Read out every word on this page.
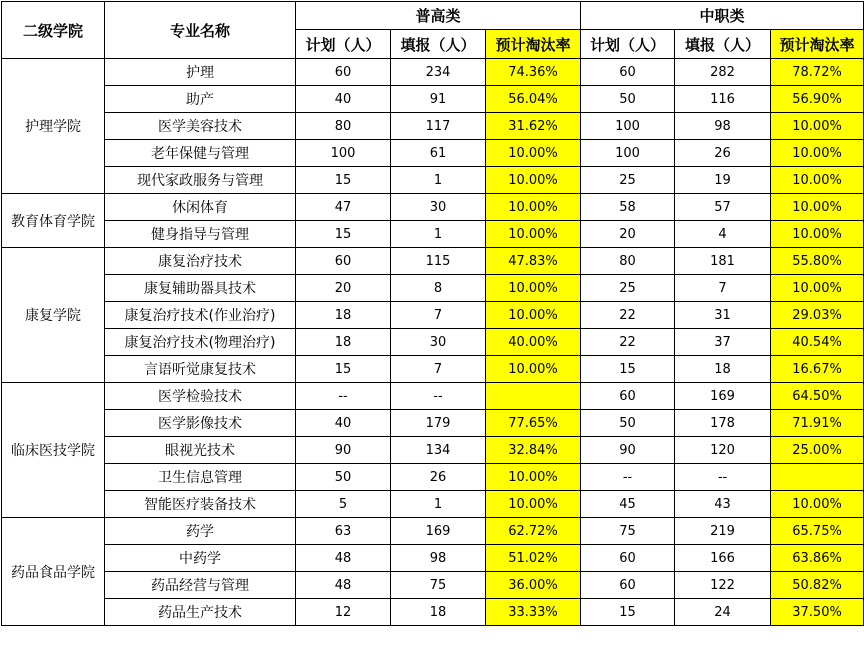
二级学院	专业名称	普高类			中职类		
		计划（人）	填报（人）	预计淘汰率	计划（人）	填报（人）	预计淘汰率
护理学院	护理	60	234	74.36%	60	282	78.72%
	助产	40	91	56.04%	50	116	56.90%
	医学美容技术	80	117	31.62%	100	98	10.00%
	老年保健与管理	100	61	10.00%	100	26	10.00%
	现代家政服务与管理	15	1	10.00%	25	19	10.00%
教育体育学院	休闲体育	47	30	10.00%	58	57	10.00%
	健身指导与管理	15	1	10.00%	20	4	10.00%
康复学院	康复治疗技术	60	115	47.83%	80	181	55.80%
	康复辅助器具技术	20	8	10.00%	25	7	10.00%
	康复治疗技术(作业治疗)	18	7	10.00%	22	31	29.03%
	康复治疗技术(物理治疗)	18	30	40.00%	22	37	40.54%
	言语听觉康复技术	15	7	10.00%	15	18	16.67%
临床医技学院	医学检验技术	--	--		60	169	64.50%
	医学影像技术	40	179	77.65%	50	178	71.91%
	眼视光技术	90	134	32.84%	90	120	25.00%
	卫生信息管理	50	26	10.00%	--	--	
	智能医疗装备技术	5	1	10.00%	45	43	10.00%
药品食品学院	药学	63	169	62.72%	75	219	65.75%
	中药学	48	98	51.02%	60	166	63.86%
	药品经营与管理	48	75	36.00%	60	122	50.82%
	药品生产技术	12	18	33.33%	15	24	37.50%
